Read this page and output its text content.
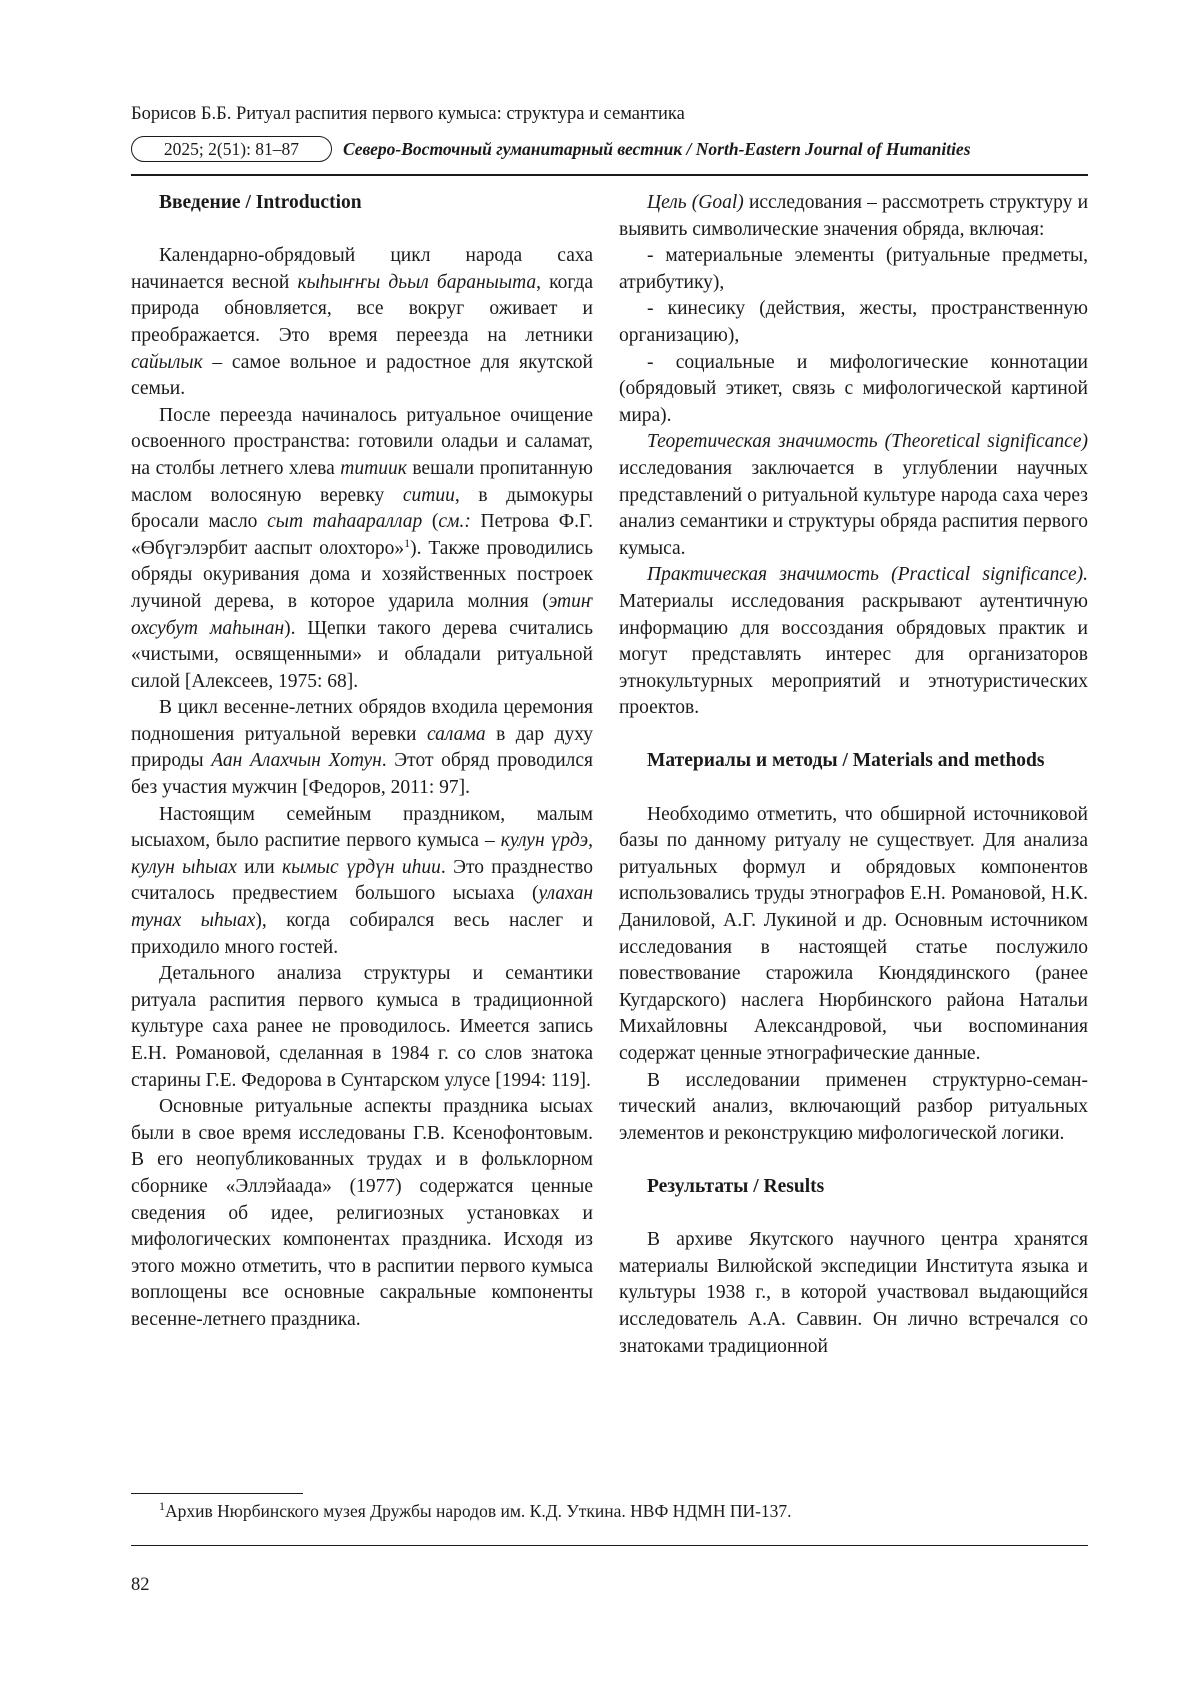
Борисов Б.Б. Ритуал распития первого кумыса: структура и семантика
2025; 2(51): 81–87	Северо-Восточный гуманитарный вестник / North-Eastern Journal of Humanities
Введение / Introduction

Календарно-обрядовый цикл народа саха начинается весной кыһыҥҥы дьыл бараныыта, когда природа обновляется, все вокруг оживает и преображается. Это время переезда на летники сайылык – самое вольное и радостное для якутской семьи.

После переезда начиналось ритуальное очищение освоенного пространства: готовили оладьи и саламат, на столбы летнего хлева титиик вешали пропитанную маслом волосяную веревку ситии, в дымокуры бросали масло сыт таһаараллар (см.: Петрова Ф.Г. «Өбүгэлэрбит ааспыт олохторо»$^1$). Также проводились обряды окуривания дома и хозяйственных построек лучиной дерева, в которое ударила молния (этиҥ охсубут маһынан). Щепки такого дерева считались «чистыми, освященными» и обладали ритуальной силой [Алексеев, 1975: 68].

В цикл весенне-летних обрядов входила церемония подношения ритуальной веревки салама в дар духу природы Аан Алахчын Хотун. Этот обряд проводился без участия мужчин [Федоров, 2011: 97].

Настоящим семейным праздником, малым ысыахом, было распитие первого кумыса – кулун үрдэ, кулун ыһыах или кымыс үрдүн иһии. Это празднество считалось предвестием большого ысыаха (улахан тунах ыһыах), когда собирался весь наслег и приходило много гостей.

Детального анализа структуры и семантики ритуала распития первого кумыса в традиционной культуре саха ранее не проводилось. Имеется запись Е.Н. Романовой, сделанная в 1984 г. со слов знатока старины Г.Е. Федорова в Сунтарском улусе [1994: 119].

Основные ритуальные аспекты праздника ысыах были в свое время исследованы Г.В. Ксенофонтовым. В его неопубликованных трудах и в фольклорном сборнике «Эллэйаада» (1977) содержатся ценные сведения об идее, религиозных установках и мифологических компонентах праздника. Исходя из этого можно отметить, что в распитии первого кумыса воплощены все основные сакральные компоненты весенне-летнего праздника.

Цель (Goal) исследования – рассмотреть структуру и выявить символические значения обряда, включая:

- материальные элементы (ритуальные предметы, атрибутику),

- кинесику (действия, жесты, пространственную организацию),

- социальные и мифологические коннотации (обрядовый этикет, связь с мифологической картиной мира).

Теоретическая значимость (Theoretical significance) исследования заключается в углублении научных представлений о ритуальной культуре народа саха через анализ семантики и структуры обряда распития первого кумыса.

Практическая значимость (Practical significance). Материалы исследования раскрывают аутентичную информацию для воссоздания обрядовых практик и могут представлять интерес для организаторов этнокультурных мероприятий и этнотуристических проектов.

Материалы и методы / Materials and methods

Необходимо отметить, что обширной источниковой базы по данному ритуалу не существует. Для анализа ритуальных формул и обрядовых компонентов использовались труды этнографов Е.Н. Романовой, Н.К. Даниловой, А.Г. Лукиной и др. Основным источником исследования в настоящей статье послужило повествование старожила Кюндядинского (ранее Кугдарского) наслега Нюрбинского района Натальи Михайловны Александровой, чьи воспоминания содержат ценные этнографические данные.

В исследовании применен структурно-семантический анализ, включающий разбор ритуальных элементов и реконструкцию мифологической логики.

Результаты / Results

В архиве Якутского научного центра хранятся материалы Вилюйской экспедиции Института языка и культуры 1938 г., в которой участвовал выдающийся исследователь А.А. Саввин. Он лично встречался со знатоками традиционной

$^1$Архив Нюрбинского музея Дружбы народов им. К.Д. Уткина. НВФ НДМН ПИ-137.
82
